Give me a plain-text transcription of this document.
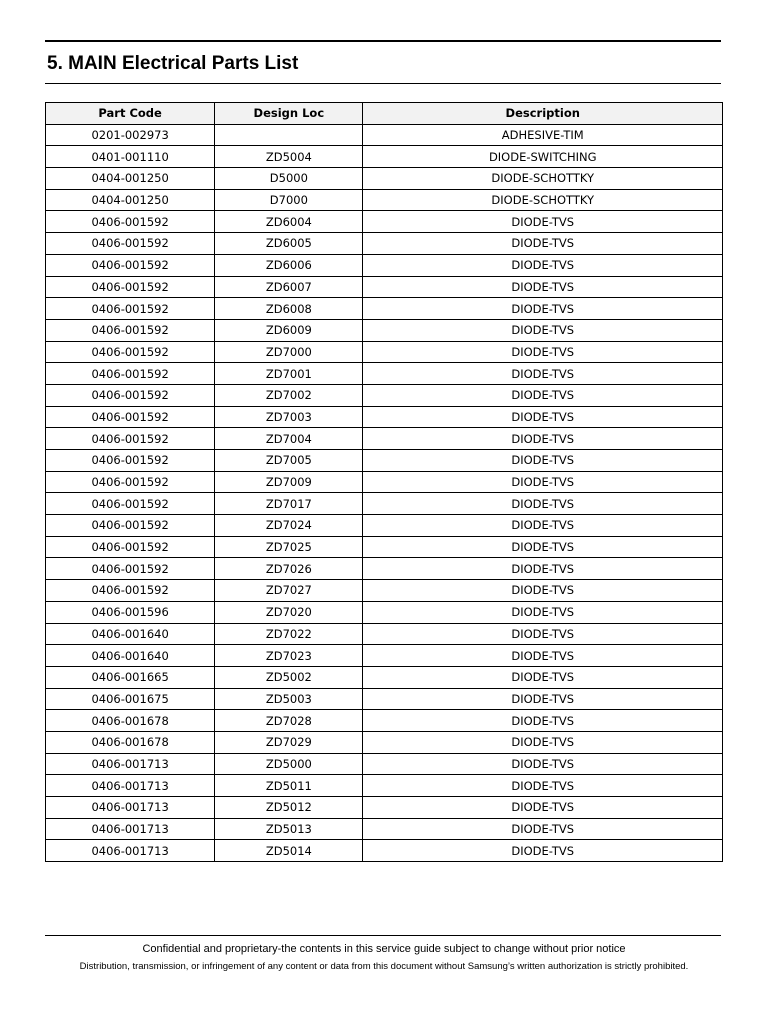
5. MAIN Electrical Parts List
Part Code	Design Loc	Description
0201-002973		ADHESIVE-TIM
0401-001110	ZD5004	DIODE-SWITCHING
0404-001250	D5000	DIODE-SCHOTTKY
0404-001250	D7000	DIODE-SCHOTTKY
0406-001592	ZD6004	DIODE-TVS
0406-001592	ZD6005	DIODE-TVS
0406-001592	ZD6006	DIODE-TVS
0406-001592	ZD6007	DIODE-TVS
0406-001592	ZD6008	DIODE-TVS
0406-001592	ZD6009	DIODE-TVS
0406-001592	ZD7000	DIODE-TVS
0406-001592	ZD7001	DIODE-TVS
0406-001592	ZD7002	DIODE-TVS
0406-001592	ZD7003	DIODE-TVS
0406-001592	ZD7004	DIODE-TVS
0406-001592	ZD7005	DIODE-TVS
0406-001592	ZD7009	DIODE-TVS
0406-001592	ZD7017	DIODE-TVS
0406-001592	ZD7024	DIODE-TVS
0406-001592	ZD7025	DIODE-TVS
0406-001592	ZD7026	DIODE-TVS
0406-001592	ZD7027	DIODE-TVS
0406-001596	ZD7020	DIODE-TVS
0406-001640	ZD7022	DIODE-TVS
0406-001640	ZD7023	DIODE-TVS
0406-001665	ZD5002	DIODE-TVS
0406-001675	ZD5003	DIODE-TVS
0406-001678	ZD7028	DIODE-TVS
0406-001678	ZD7029	DIODE-TVS
0406-001713	ZD5000	DIODE-TVS
0406-001713	ZD5011	DIODE-TVS
0406-001713	ZD5012	DIODE-TVS
0406-001713	ZD5013	DIODE-TVS
0406-001713	ZD5014	DIODE-TVS
Confidential and proprietary-the contents in this service guide subject to change without prior notice
Distribution, transmission, or infringement of any content or data from this document without Samsung’s written authorization is strictly prohibited.
